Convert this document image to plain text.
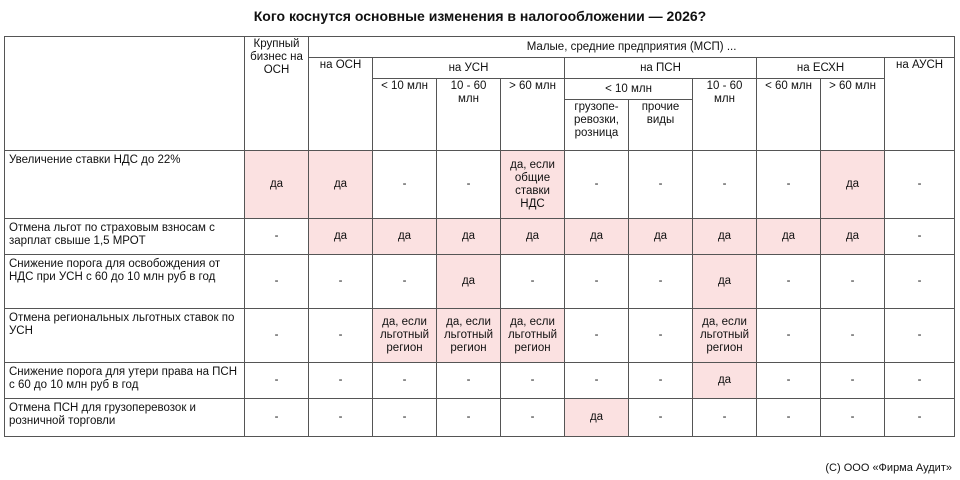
Кого коснутся основные изменения в налогообложении — 2026?
	Крупный бизнес на ОСН	Малые, средние предприятия (МСП) ...									
		на ОСН	на УСН			на ПСН			на ЕСХН		на АУСН
			< 10 млн	10 - 60 млн	> 60 млн	< 10 млн		10 - 60 млн	< 60 млн	> 60 млн	
						грузопе-ревозки, розница	прочие виды				
Увеличение ставки НДС до 22%	да	да	-	-	да, если общие ставки НДС	-	-	-	-	да	-
Отмена льгот по страховым взносам с зарплат свыше 1,5 МРОТ	-	да	да	да	да	да	да	да	да	да	-
Снижение порога для освобождения от НДС при УСН с 60 до 10 млн руб в год	-	-	-	да	-	-	-	да	-	-	-
Отмена региональных льготных ставок по УСН	-	-	да, если льготный регион	да, если льготный регион	да, если льготный регион	-	-	да, если льготный регион	-	-	-
Снижение порога для утери права на ПСН с 60 до 10 млн руб в год	-	-	-	-	-	-	-	да	-	-	-
Отмена ПСН для грузоперевозок и розничной торговли	-	-	-	-	-	да	-	-	-	-	-
(С) ООО «Фирма Аудит»
